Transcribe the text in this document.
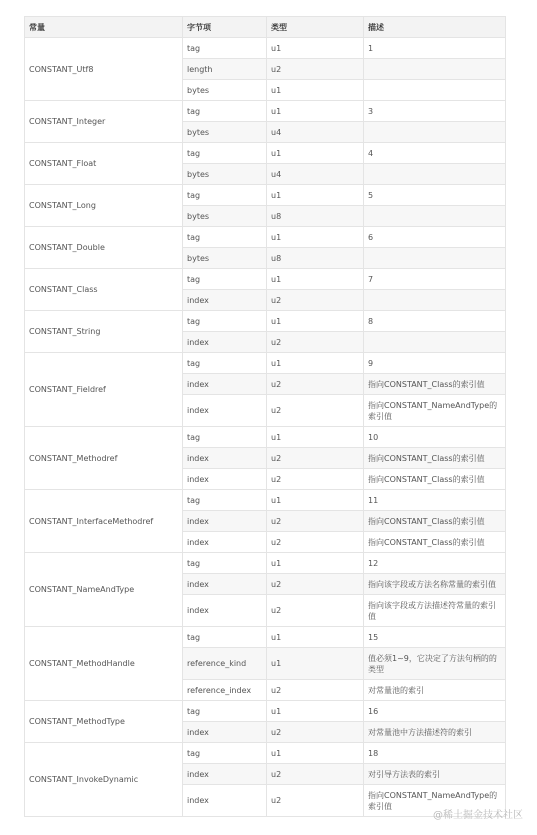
常量	字节项	类型	描述
CONSTANT_Utf8	tag	u1	1
	length	u2	
	bytes	u1	
CONSTANT_Integer	tag	u1	3
	bytes	u4	
CONSTANT_Float	tag	u1	4
	bytes	u4	
CONSTANT_Long	tag	u1	5
	bytes	u8	
CONSTANT_Double	tag	u1	6
	bytes	u8	
CONSTANT_Class	tag	u1	7
	index	u2	
CONSTANT_String	tag	u1	8
	index	u2	
CONSTANT_Fieldref	tag	u1	9
	index	u2	指向CONSTANT_Class的索引值
	index	u2	指向CONSTANT_NameAndType的索引值
CONSTANT_Methodref	tag	u1	10
	index	u2	指向CONSTANT_Class的索引值
	index	u2	指向CONSTANT_Class的索引值
CONSTANT_InterfaceMethodref	tag	u1	11
	index	u2	指向CONSTANT_Class的索引值
	index	u2	指向CONSTANT_Class的索引值
CONSTANT_NameAndType	tag	u1	12
	index	u2	指向该字段或方法名称常量的索引值
	index	u2	指向该字段或方法描述符常量的索引值
CONSTANT_MethodHandle	tag	u1	15
	reference_kind	u1	值必须1~9，它决定了方法句柄的的类型
	reference_index	u2	对常量池的索引
CONSTANT_MethodType	tag	u1	16
	index	u2	对常量池中方法描述符的索引
CONSTANT_InvokeDynamic	tag	u1	18
	index	u2	对引导方法表的索引
	index	u2	指向CONSTANT_NameAndType的索引值
@稀土掘金技术社区
